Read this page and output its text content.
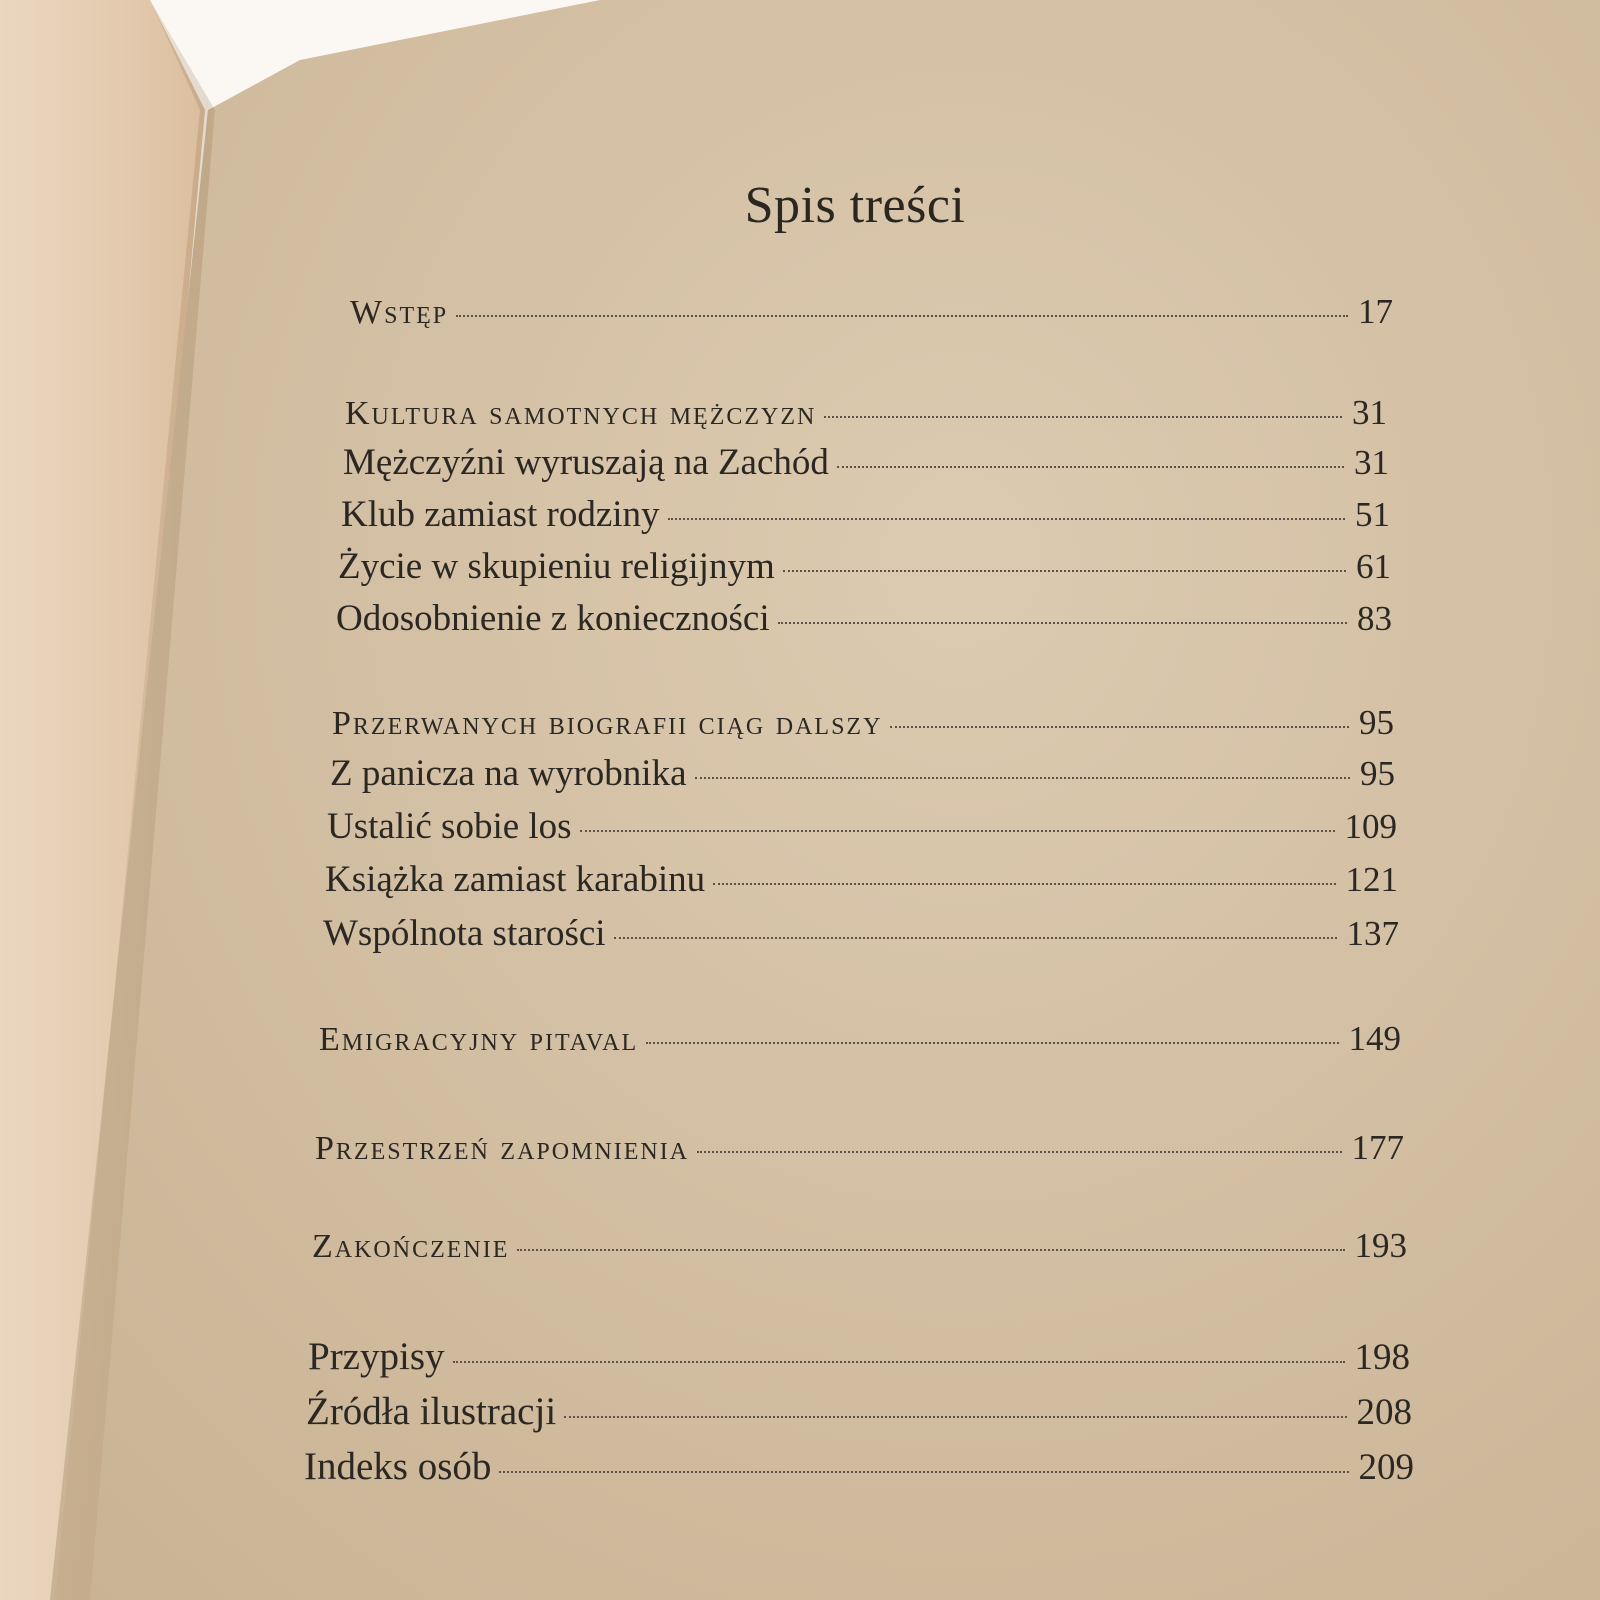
Spis treści
Wstęp	17
Kultura samotnych mężczyzn	31
Mężczyźni wyruszają na Zachód	31
Klub zamiast rodziny	51
Życie w skupieniu religijnym	61
Odosobnienie z konieczności	83
Przerwanych biografii ciąg dalszy	95
Z panicza na wyrobnika	95
Ustalić sobie los	109
Książka zamiast karabinu	121
Wspólnota starości	137
Emigracyjny pitaval	149
Przestrzeń zapomnienia	177
Zakończenie	193
Przypisy	198
Źródła ilustracji	208
Indeks osób	209
